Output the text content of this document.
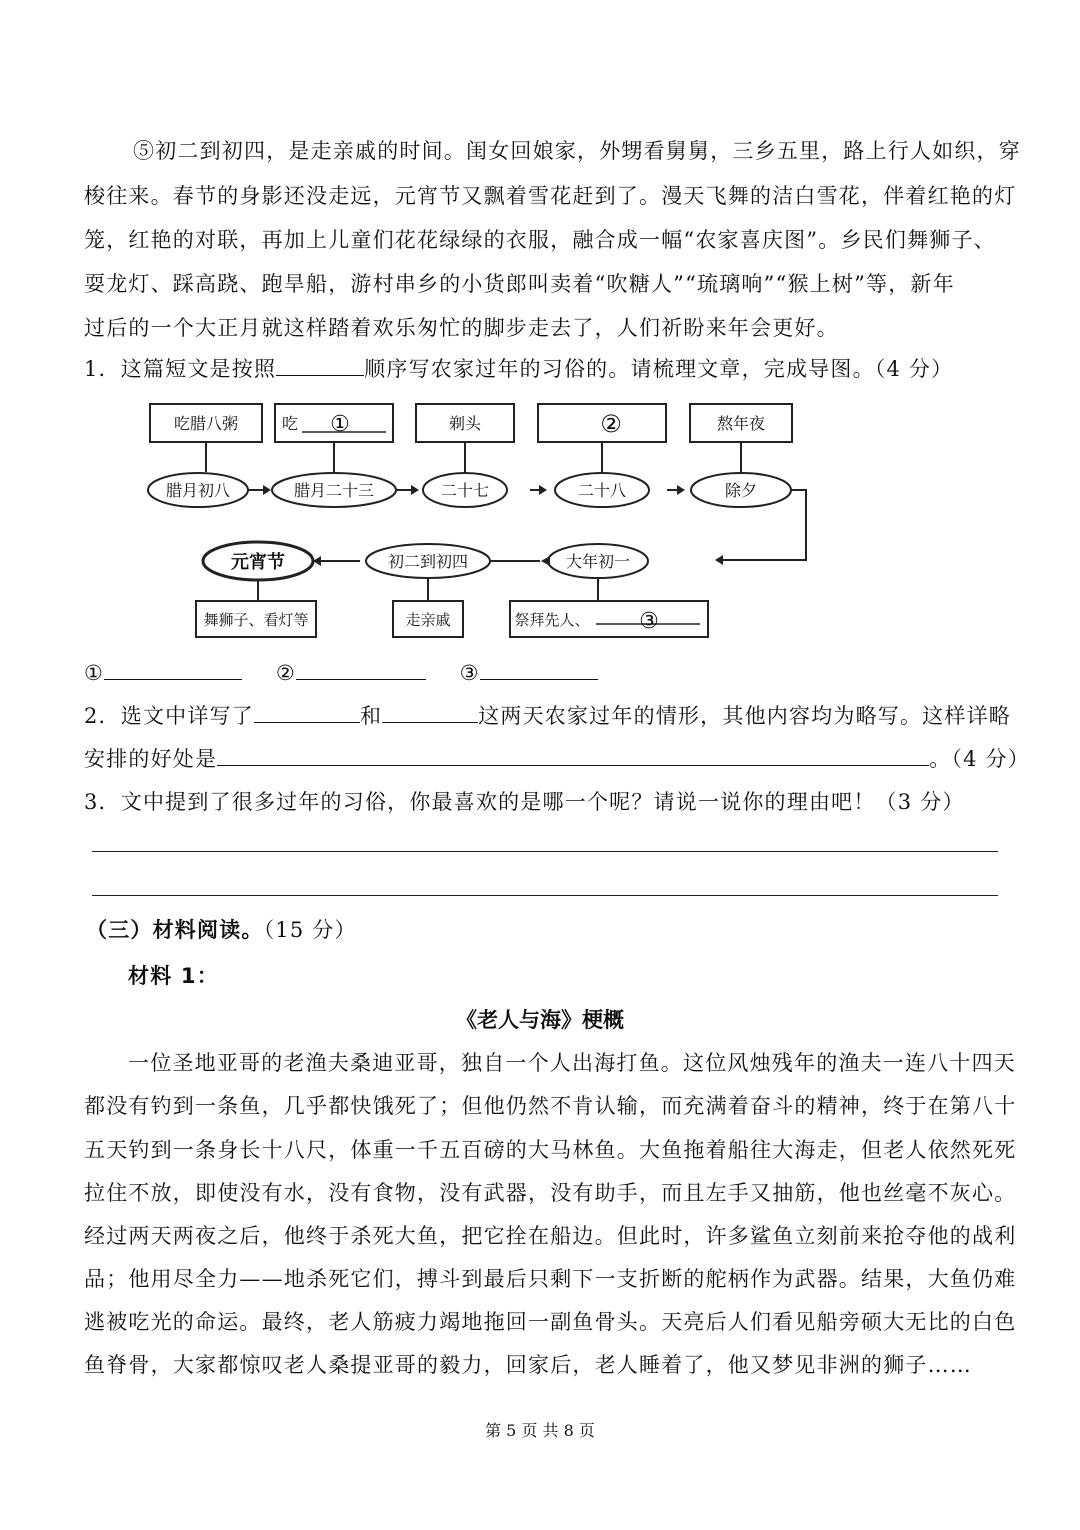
⑤初二到初四，是走亲戚的时间。闺女回娘家，外甥看舅舅，三乡五里，路上行人如织，穿
梭往来。春节的身影还没走远，元宵节又飘着雪花赶到了。漫天飞舞的洁白雪花，伴着红艳的灯
笼，红艳的对联，再加上儿童们花花绿绿的衣服，融合成一幅“农家喜庆图”。乡民们舞狮子、
耍龙灯、踩高跷、跑旱船，游村串乡的小货郎叫卖着“吹糖人”“琉璃响”“猴上树”等，新年
过后的一个大正月就这样踏着欢乐匆忙的脚步走去了，人们祈盼来年会更好。
1．这篇短文是按照	顺序写农家过年的习俗的。请梳理文章，完成导图。（4 分）
吃腊八粥	吃 ①	剃头	②	熬年夜
腊月初八	腊月二十三	二十七	二十八	除夕
元宵节	初二到初四	大年初一
舞狮子、看灯等	走亲戚	祭拜先人、 ③
①	②	③
2．选文中详写了	和	这两天农家过年的情形，其他内容均为略写。这样详略
安排的好处是	。（4 分）
3．文中提到了很多过年的习俗，你最喜欢的是哪一个呢？请说一说你的理由吧！（3 分）
（三）材料阅读。（15 分）
材料 1：
《老人与海》梗概
一位圣地亚哥的老渔夫桑迪亚哥，独自一个人出海打鱼。这位风烛残年的渔夫一连八十四天
都没有钓到一条鱼，几乎都快饿死了；但他仍然不肯认输，而充满着奋斗的精神，终于在第八十
五天钓到一条身长十八尺，体重一千五百磅的大马林鱼。大鱼拖着船往大海走，但老人依然死死
拉住不放，即使没有水，没有食物，没有武器，没有助手，而且左手又抽筋，他也丝毫不灰心。
经过两天两夜之后，他终于杀死大鱼，把它拴在船边。但此时，许多鲨鱼立刻前来抢夺他的战利
品；他用尽全力——地杀死它们，搏斗到最后只剩下一支折断的舵柄作为武器。结果，大鱼仍难
逃被吃光的命运。最终，老人筋疲力竭地拖回一副鱼骨头。天亮后人们看见船旁硕大无比的白色
鱼脊骨，大家都惊叹老人桑提亚哥的毅力，回家后，老人睡着了，他又梦见非洲的狮子……
第 5 页 共 8 页
